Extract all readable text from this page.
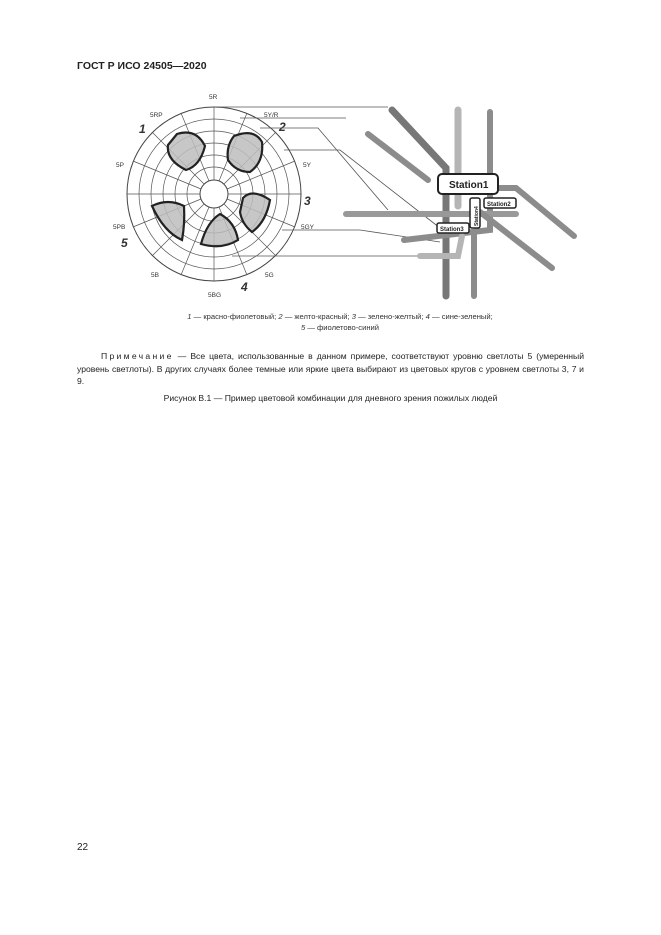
ГОСТ Р ИСО 24505—2020
5R
5RP	5Y/R
5P	5Y
5PB	5GY
5B	5G
5BG
1	2
3
4
5
Station1
Station2
Station4
Station3
1 — красно-фиолетовый; 2 — желто-красный; 3 — зелено-желтый; 4 — сине-зеленый;
5 — фиолетово-синий
Примечание — Все цвета, использованные в данном примере, соответствуют уровню светлоты 5 (умеренный уровень светлоты). В других случаях более темные или яркие цвета выбирают из цветовых кругов с уровнем светлоты 3, 7 и 9.
Рисунок В.1 — Пример цветовой комбинации для дневного зрения пожилых людей
22
